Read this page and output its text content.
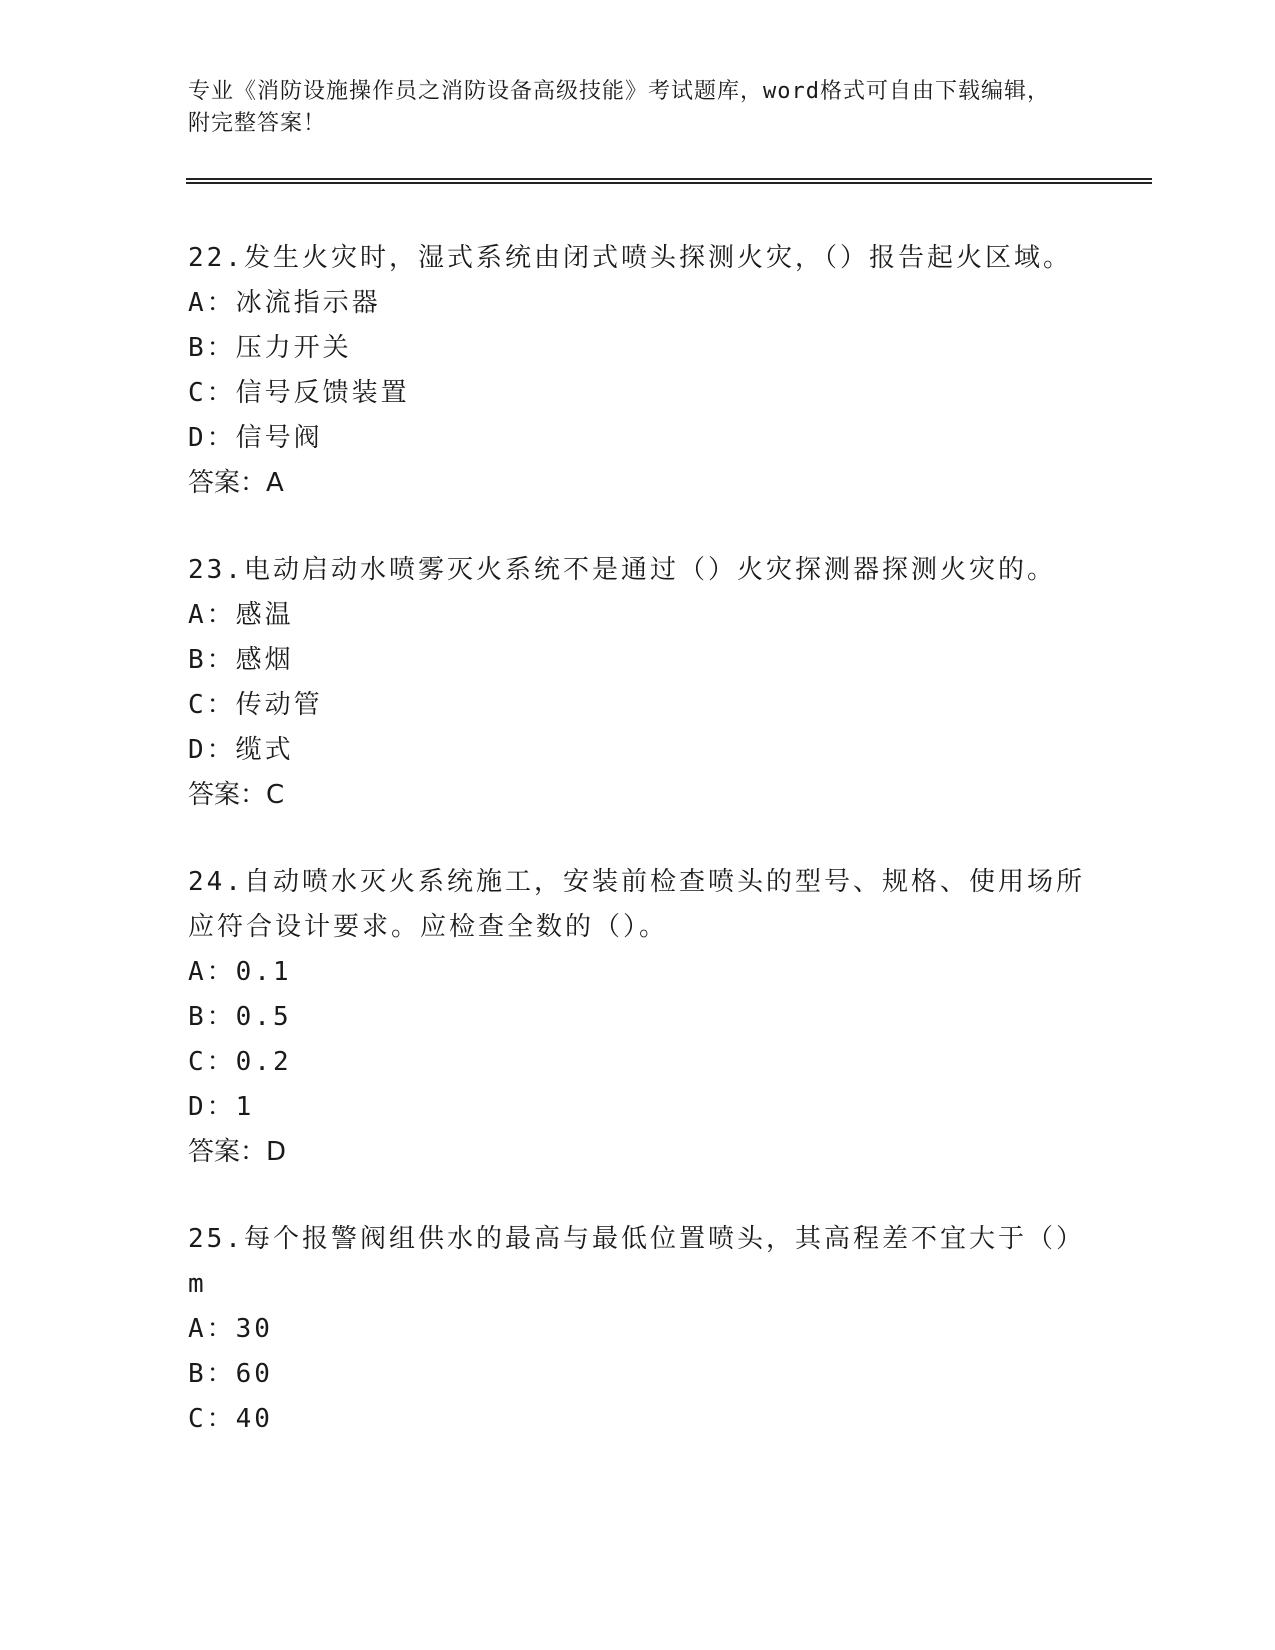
专业《消防设施操作员之消防设备高级技能》考试题库，word格式可自由下载编辑，附完整答案！

22.发生火灾时，湿式系统由闭式喷头探测火灾，（）报告起火区域。

A：冰流指示器

B：压力开关

C：信号反馈装置

D：信号阀

答案：A

23.电动启动水喷雾灭火系统不是通过（）火灾探测器探测火灾的。

A：感温

B：感烟

C：传动管

D：缆式

答案：C

24.自动喷水灭火系统施工，安装前检查喷头的型号、规格、使用场所应符合设计要求。应检查全数的（）。

A：0.1

B：0.5

C：0.2

D：1

答案：D

25.每个报警阀组供水的最高与最低位置喷头，其高程差不宜大于（）m

A：30

B：60

C：40
